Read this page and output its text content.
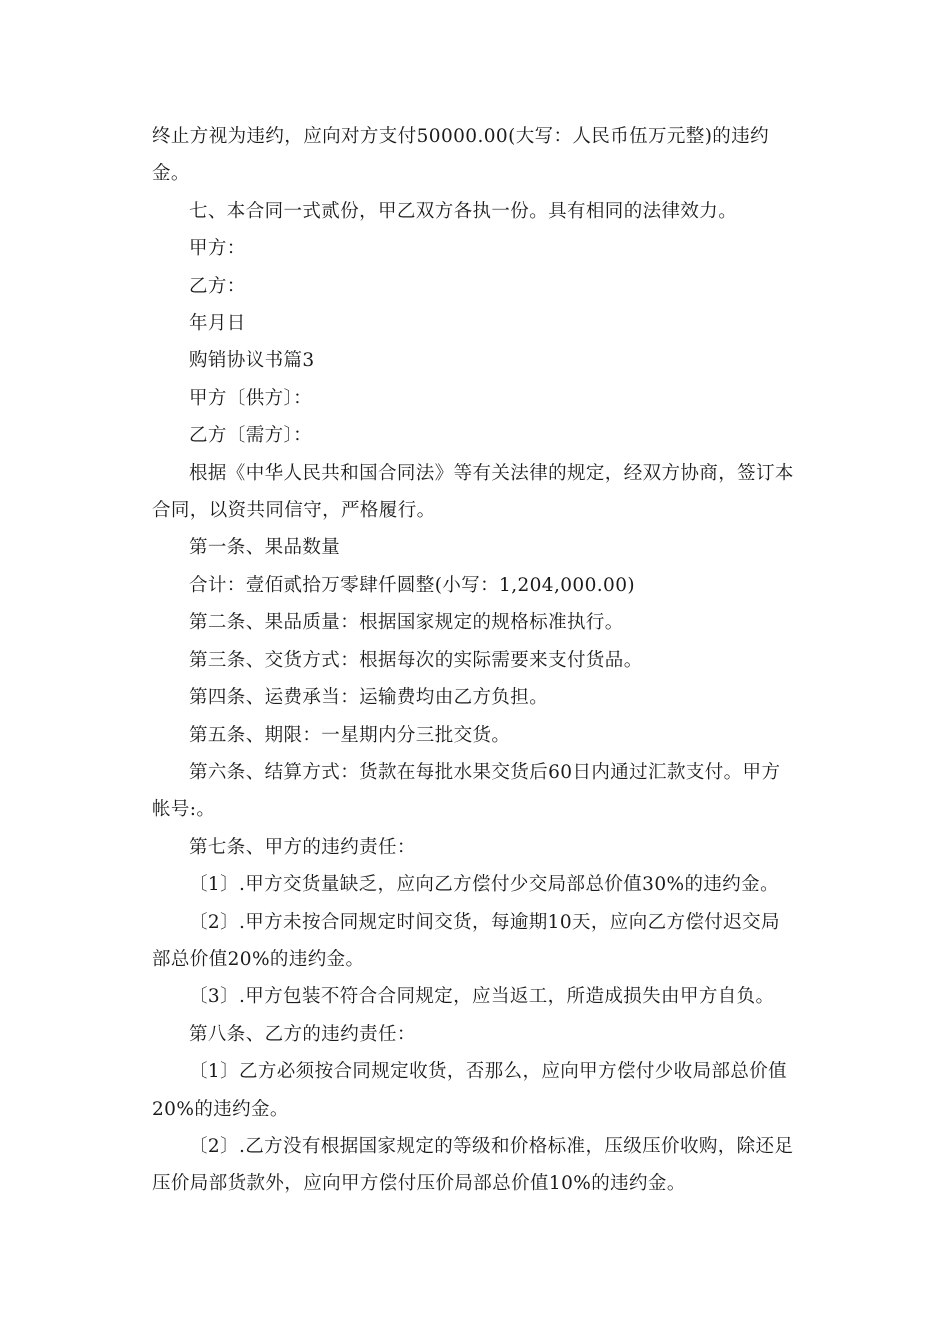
终止方视为违约，应向对方支付50000.00(大写：人民币伍万元整)的违约金。

七、本合同一式贰份，甲乙双方各执一份。具有相同的法律效力。

甲方：

乙方：

年月日

购销协议书篇3

甲方〔供方〕：

乙方〔需方〕：

根据《中华人民共和国合同法》等有关法律的规定，经双方协商，签订本合同，以资共同信守，严格履行。

第一条、果品数量

合计：壹佰贰拾万零肆仟圆整(小写：1,204,000.00)

第二条、果品质量：根据国家规定的规格标准执行。

第三条、交货方式：根据每次的实际需要来支付货品。

第四条、运费承当：运输费均由乙方负担。

第五条、期限：一星期内分三批交货。

第六条、结算方式：货款在每批水果交货后60日内通过汇款支付。甲方帐号:。

第七条、甲方的违约责任：

〔1〕.甲方交货量缺乏，应向乙方偿付少交局部总价值30%的违约金。

〔2〕.甲方未按合同规定时间交货，每逾期10天，应向乙方偿付迟交局部总价值20%的违约金。

〔3〕.甲方包装不符合合同规定，应当返工，所造成损失由甲方自负。

第八条、乙方的违约责任：

〔1〕乙方必须按合同规定收货，否那么，应向甲方偿付少收局部总价值20%的违约金。

〔2〕.乙方没有根据国家规定的等级和价格标准，压级压价收购，除还足压价局部货款外，应向甲方偿付压价局部总价值10%的违约金。
